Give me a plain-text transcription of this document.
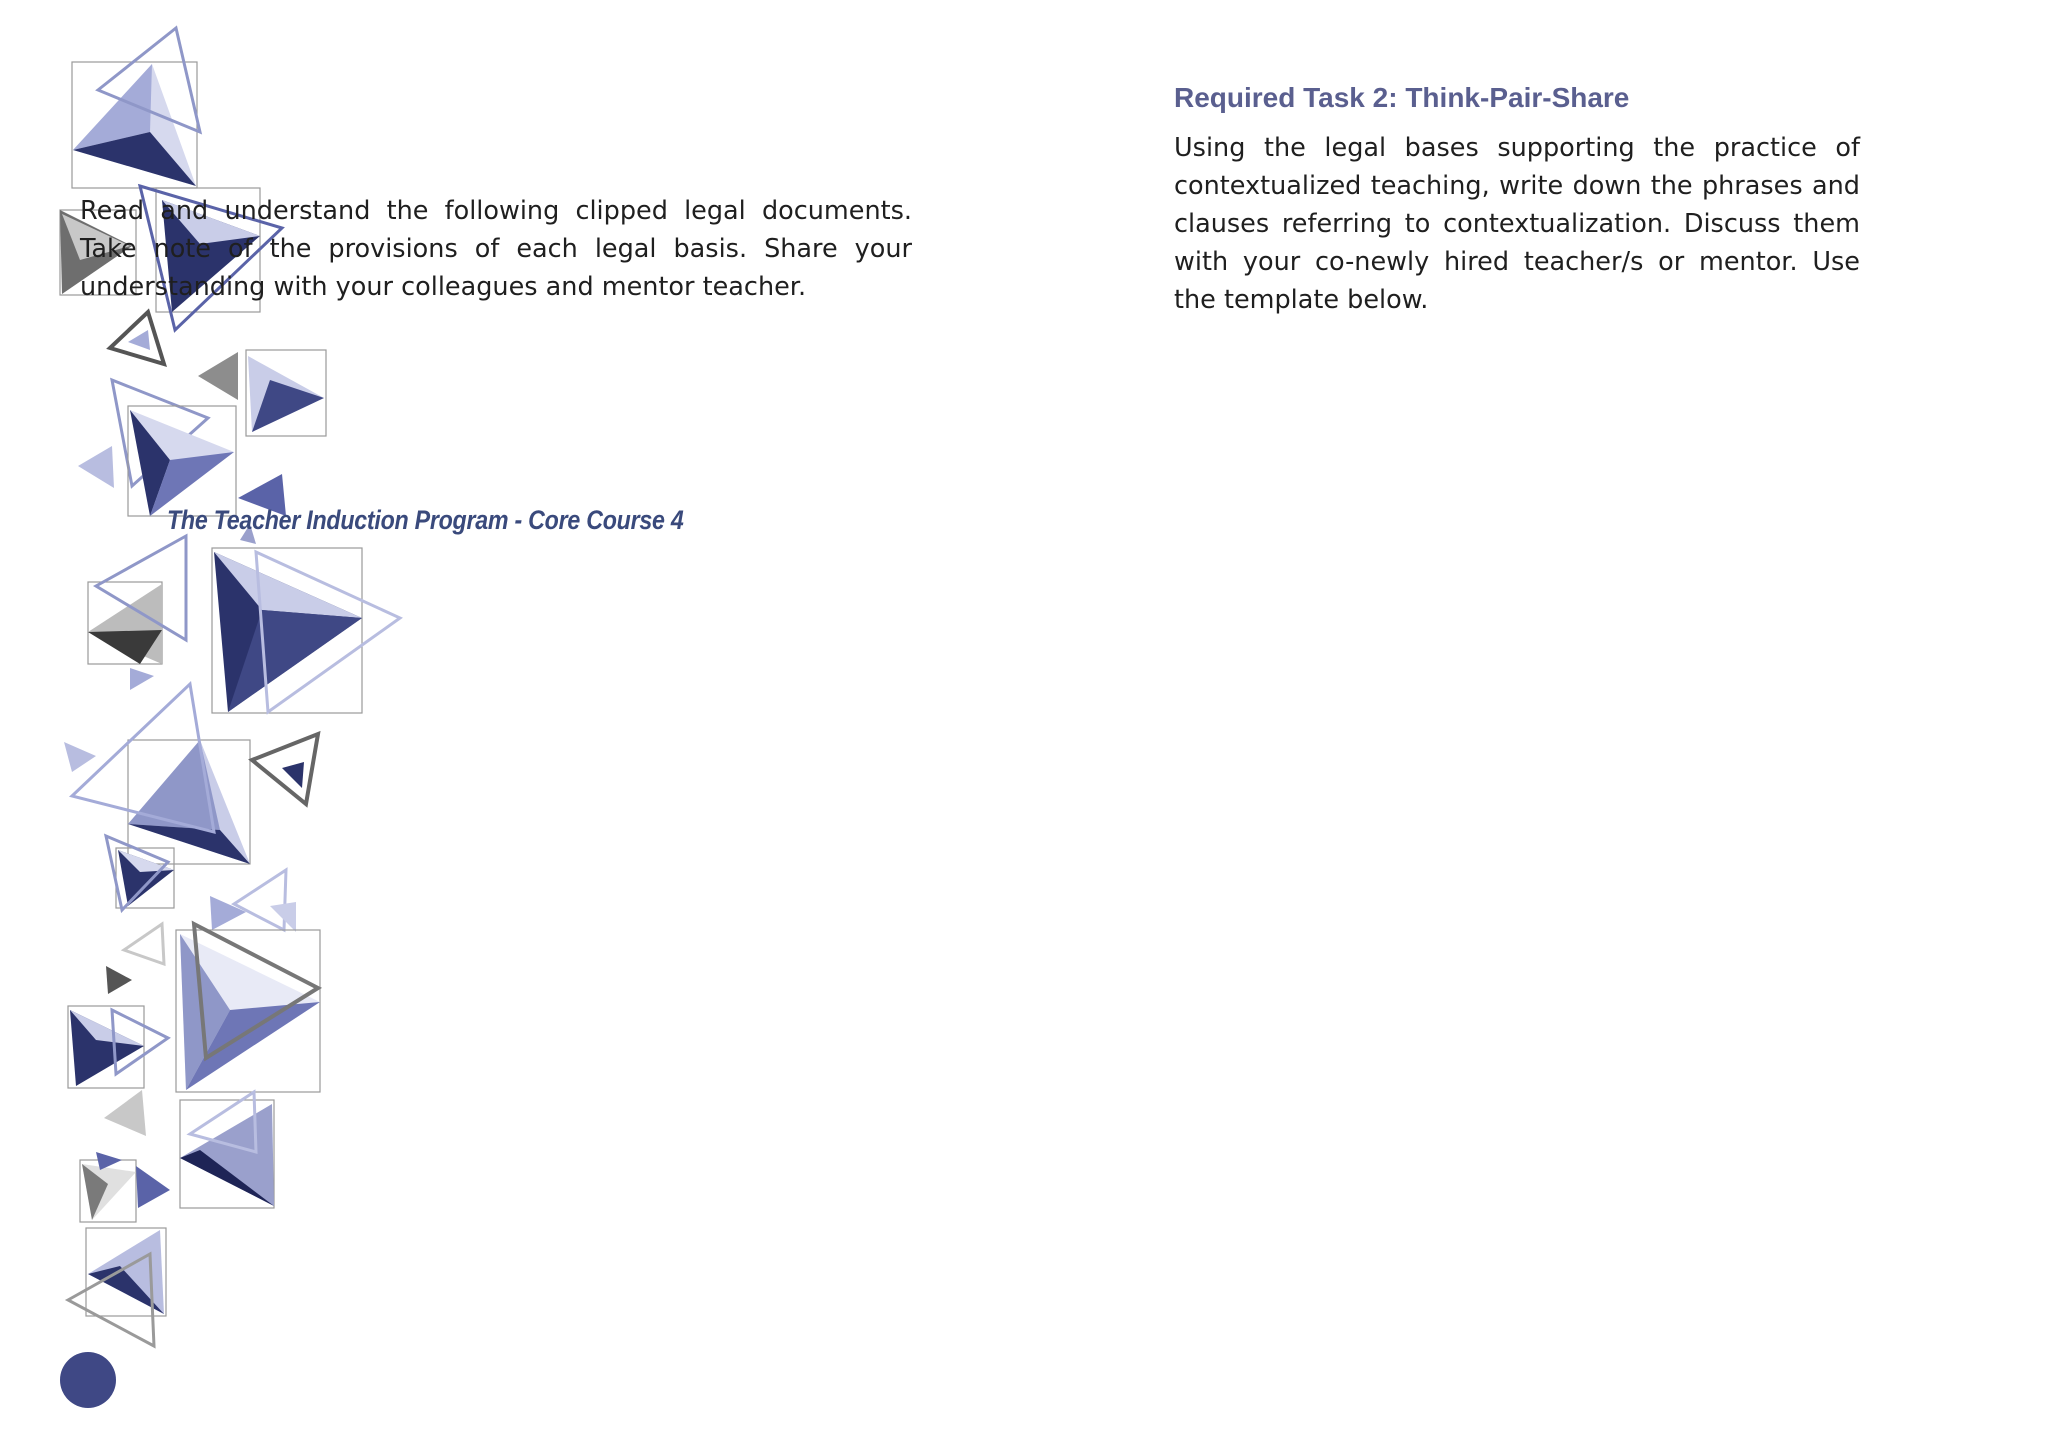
Read and understand the following clipped legal documents. Take note of the provisions of each legal basis. Share your understanding with your colleagues and mentor teacher.

The Teacher Induction Program - Core Course 4

Required Task 2: Think-Pair-Share

Using the legal bases supporting the practice of contextualized teaching, write down the phrases and clauses referring to contextualization. Discuss them with your co-newly hired teacher/s or mentor. Use the template below.
